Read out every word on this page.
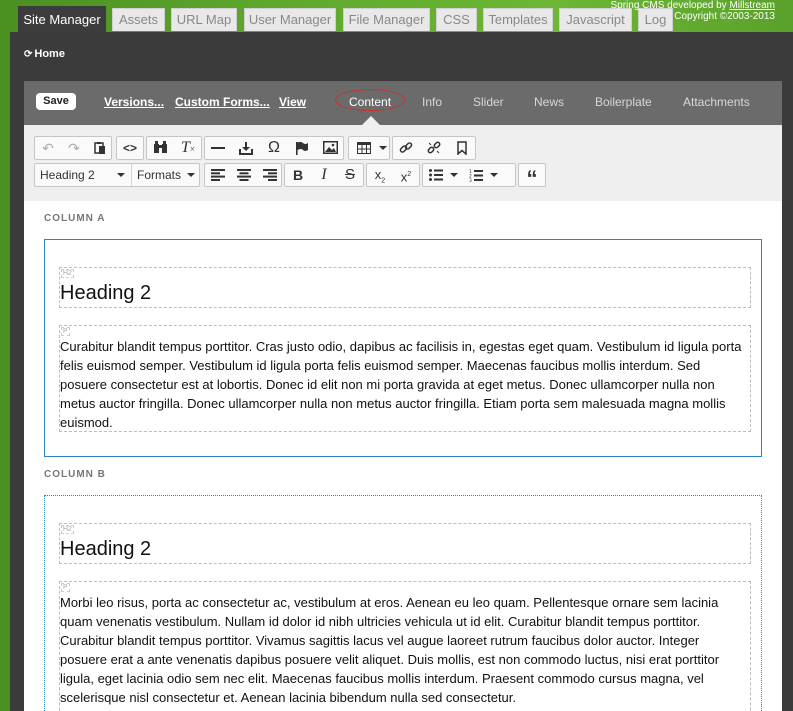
Site Manager	Assets	URL Map	User Manager	File Manager	CSS	Templates	Javascript	Log
Spring CMS developed by Millstream
Copyright ©2003-2013
⟳ Home
Save	Versions... Custom Forms... View	Content	Info	Slider	News	Boilerplate	Attachments
↶	↷	<>	T×	Ω
Heading 2	Formats	B	I	S	$x_2$	$x^2$	1
2
3	“
COLUMN A
H2
Heading 2
P
Curabitur blandit tempus porttitor. Cras justo odio, dapibus ac facilisis in, egestas eget quam. Vestibulum id ligula porta felis euismod semper. Vestibulum id ligula porta felis euismod semper. Maecenas faucibus mollis interdum. Sed posuere consectetur est at lobortis. Donec id elit non mi porta gravida at eget metus. Donec ullamcorper nulla non metus auctor fringilla. Donec ullamcorper nulla non metus auctor fringilla. Etiam porta sem malesuada magna mollis euismod.
COLUMN B
H2
Heading 2
P
Morbi leo risus, porta ac consectetur ac, vestibulum at eros. Aenean eu leo quam. Pellentesque ornare sem lacinia quam venenatis vestibulum. Nullam id dolor id nibh ultricies vehicula ut id elit. Curabitur blandit tempus porttitor. Curabitur blandit tempus porttitor. Vivamus sagittis lacus vel augue laoreet rutrum faucibus dolor auctor. Integer posuere erat a ante venenatis dapibus posuere velit aliquet. Duis mollis, est non commodo luctus, nisi erat porttitor ligula, eget lacinia odio sem nec elit. Maecenas faucibus mollis interdum. Praesent commodo cursus magna, vel scelerisque nisl consectetur et. Aenean lacinia bibendum nulla sed consectetur.
